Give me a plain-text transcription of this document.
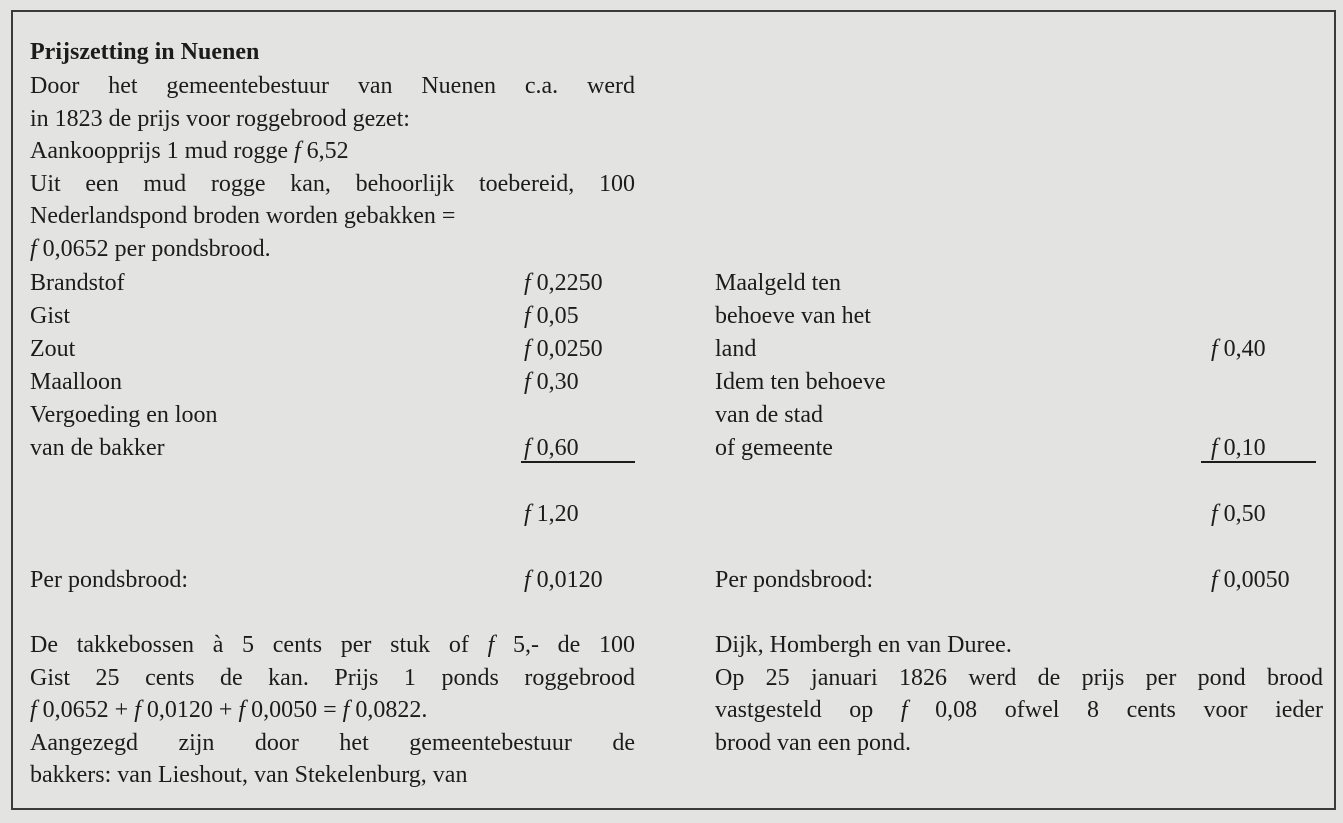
Prijszetting in Nuenen
Door het gemeentebestuur van Nuenen c.a. werd
in 1823 de prijs voor roggebrood gezet:
Aankoopprijs 1 mud rogge f 6,52
Uit een mud rogge kan, behoorlijk toebereid, 100
Nederlandspond broden worden gebakken =
f 0,0652 per pondsbrood.
Brandstof
Gist
Zout
Maalloon
Vergoeding en loon
van de bakker
f 0,2250
f 0,05
f 0,0250
f 0,30
f 0,60
f 1,20
Per pondsbrood:	f 0,0120
Maalgeld ten
behoeve van het
land
Idem ten behoeve
van de stad
of gemeente
f 0,40
f 0,10
f 0,50
Per pondsbrood:	f 0,0050
De takkebossen à 5 cents per stuk of f 5,- de 100
Gist 25 cents de kan. Prijs 1 ponds roggebrood
f 0,0652 + f 0,0120 + f 0,0050 = f 0,0822.
Aangezegd zijn door het gemeentebestuur de
bakkers: van Lieshout, van Stekelenburg, van
Dijk, Hombergh en van Duree.
Op 25 januari 1826 werd de prijs per pond brood
vastgesteld op f 0,08 ofwel 8 cents voor ieder
brood van een pond.
